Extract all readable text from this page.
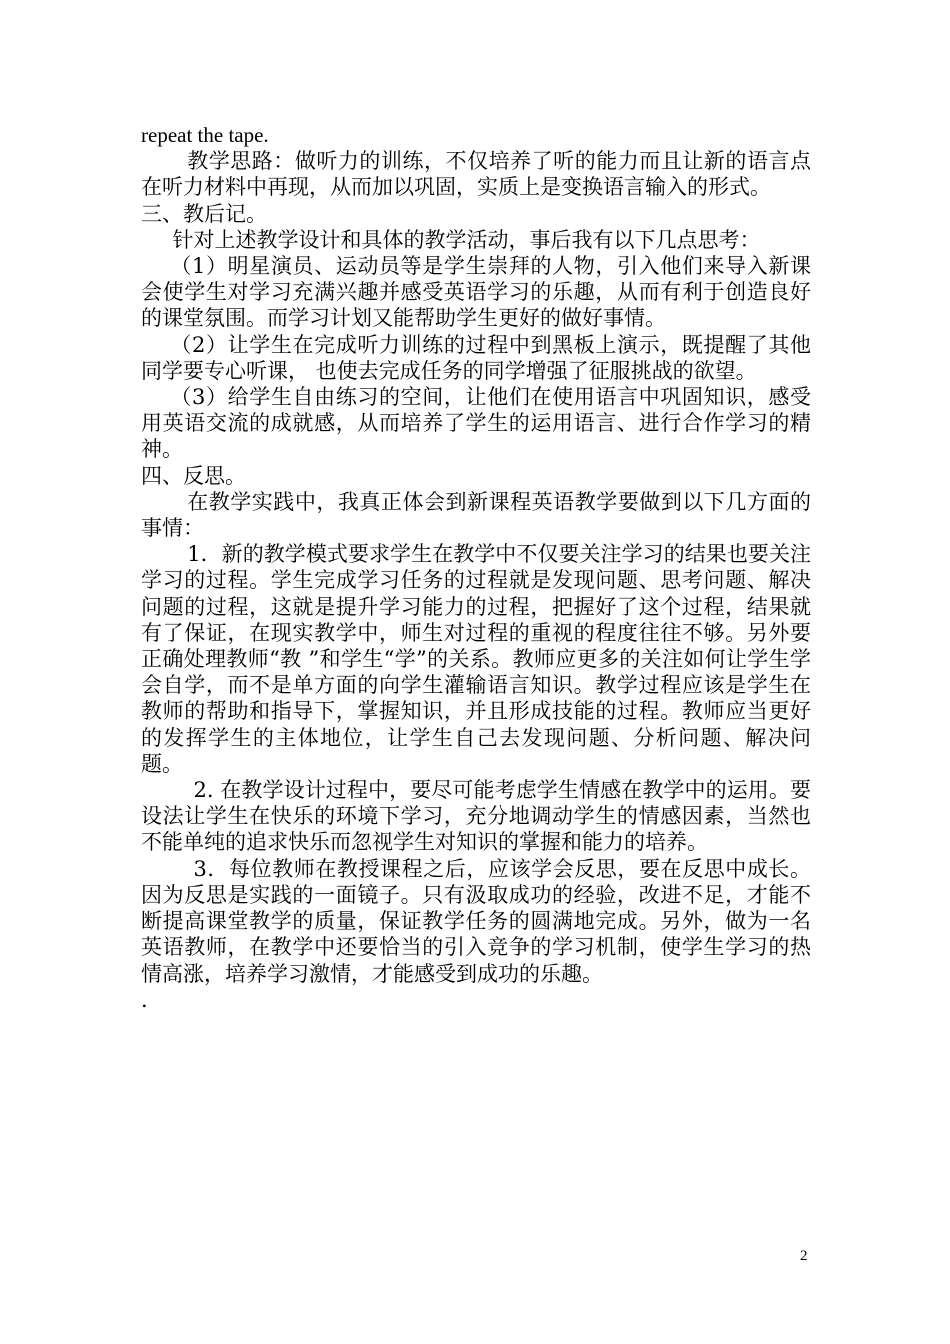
repeat the tape.

教学思路：做听力的训练，不仅培养了听的能力而且让新的语言点在听力材料中再现，从而加以巩固，实质上是变换语言输入的形式。

三、教后记。

针对上述教学设计和具体的教学活动，事后我有以下几点思考：

（1）明星演员、运动员等是学生崇拜的人物，引入他们来导入新课会使学生对学习充满兴趣并感受英语学习的乐趣，从而有利于创造良好的课堂氛围。而学习计划又能帮助学生更好的做好事情。

（2）让学生在完成听力训练的过程中到黑板上演示，既提醒了其他同学要专心听课， 也使去完成任务的同学增强了征服挑战的欲望。

（3）给学生自由练习的空间，让他们在使用语言中巩固知识，感受用英语交流的成就感，从而培养了学生的运用语言、进行合作学习的精神。

四、反思。

在教学实践中，我真正体会到新课程英语教学要做到以下几方面的事情：

1．新的教学模式要求学生在教学中不仅要关注学习的结果也要关注学习的过程。学生完成学习任务的过程就是发现问题、思考问题、解决问题的过程，这就是提升学习能力的过程，把握好了这个过程，结果就有了保证，在现实教学中，师生对过程的重视的程度往往不够。另外要正确处理教师“教 ”和学生“学”的关系。教师应更多的关注如何让学生学会自学，而不是单方面的向学生灌输语言知识。教学过程应该是学生在教师的帮助和指导下，掌握知识，并且形成技能的过程。教师应当更好的发挥学生的主体地位，让学生自己去发现问题、分析问题、解决问题。

2. 在教学设计过程中，要尽可能考虑学生情感在教学中的运用。要设法让学生在快乐的环境下学习，充分地调动学生的情感因素，当然也不能单纯的追求快乐而忽视学生对知识的掌握和能力的培养。

3．每位教师在教授课程之后，应该学会反思，要在反思中成长。因为反思是实践的一面镜子。只有汲取成功的经验，改进不足，才能不断提高课堂教学的质量，保证教学任务的圆满地完成。另外，做为一名英语教师，在教学中还要恰当的引入竞争的学习机制，使学生学习的热情高涨，培养学习激情，才能感受到成功的乐趣。

.

2
